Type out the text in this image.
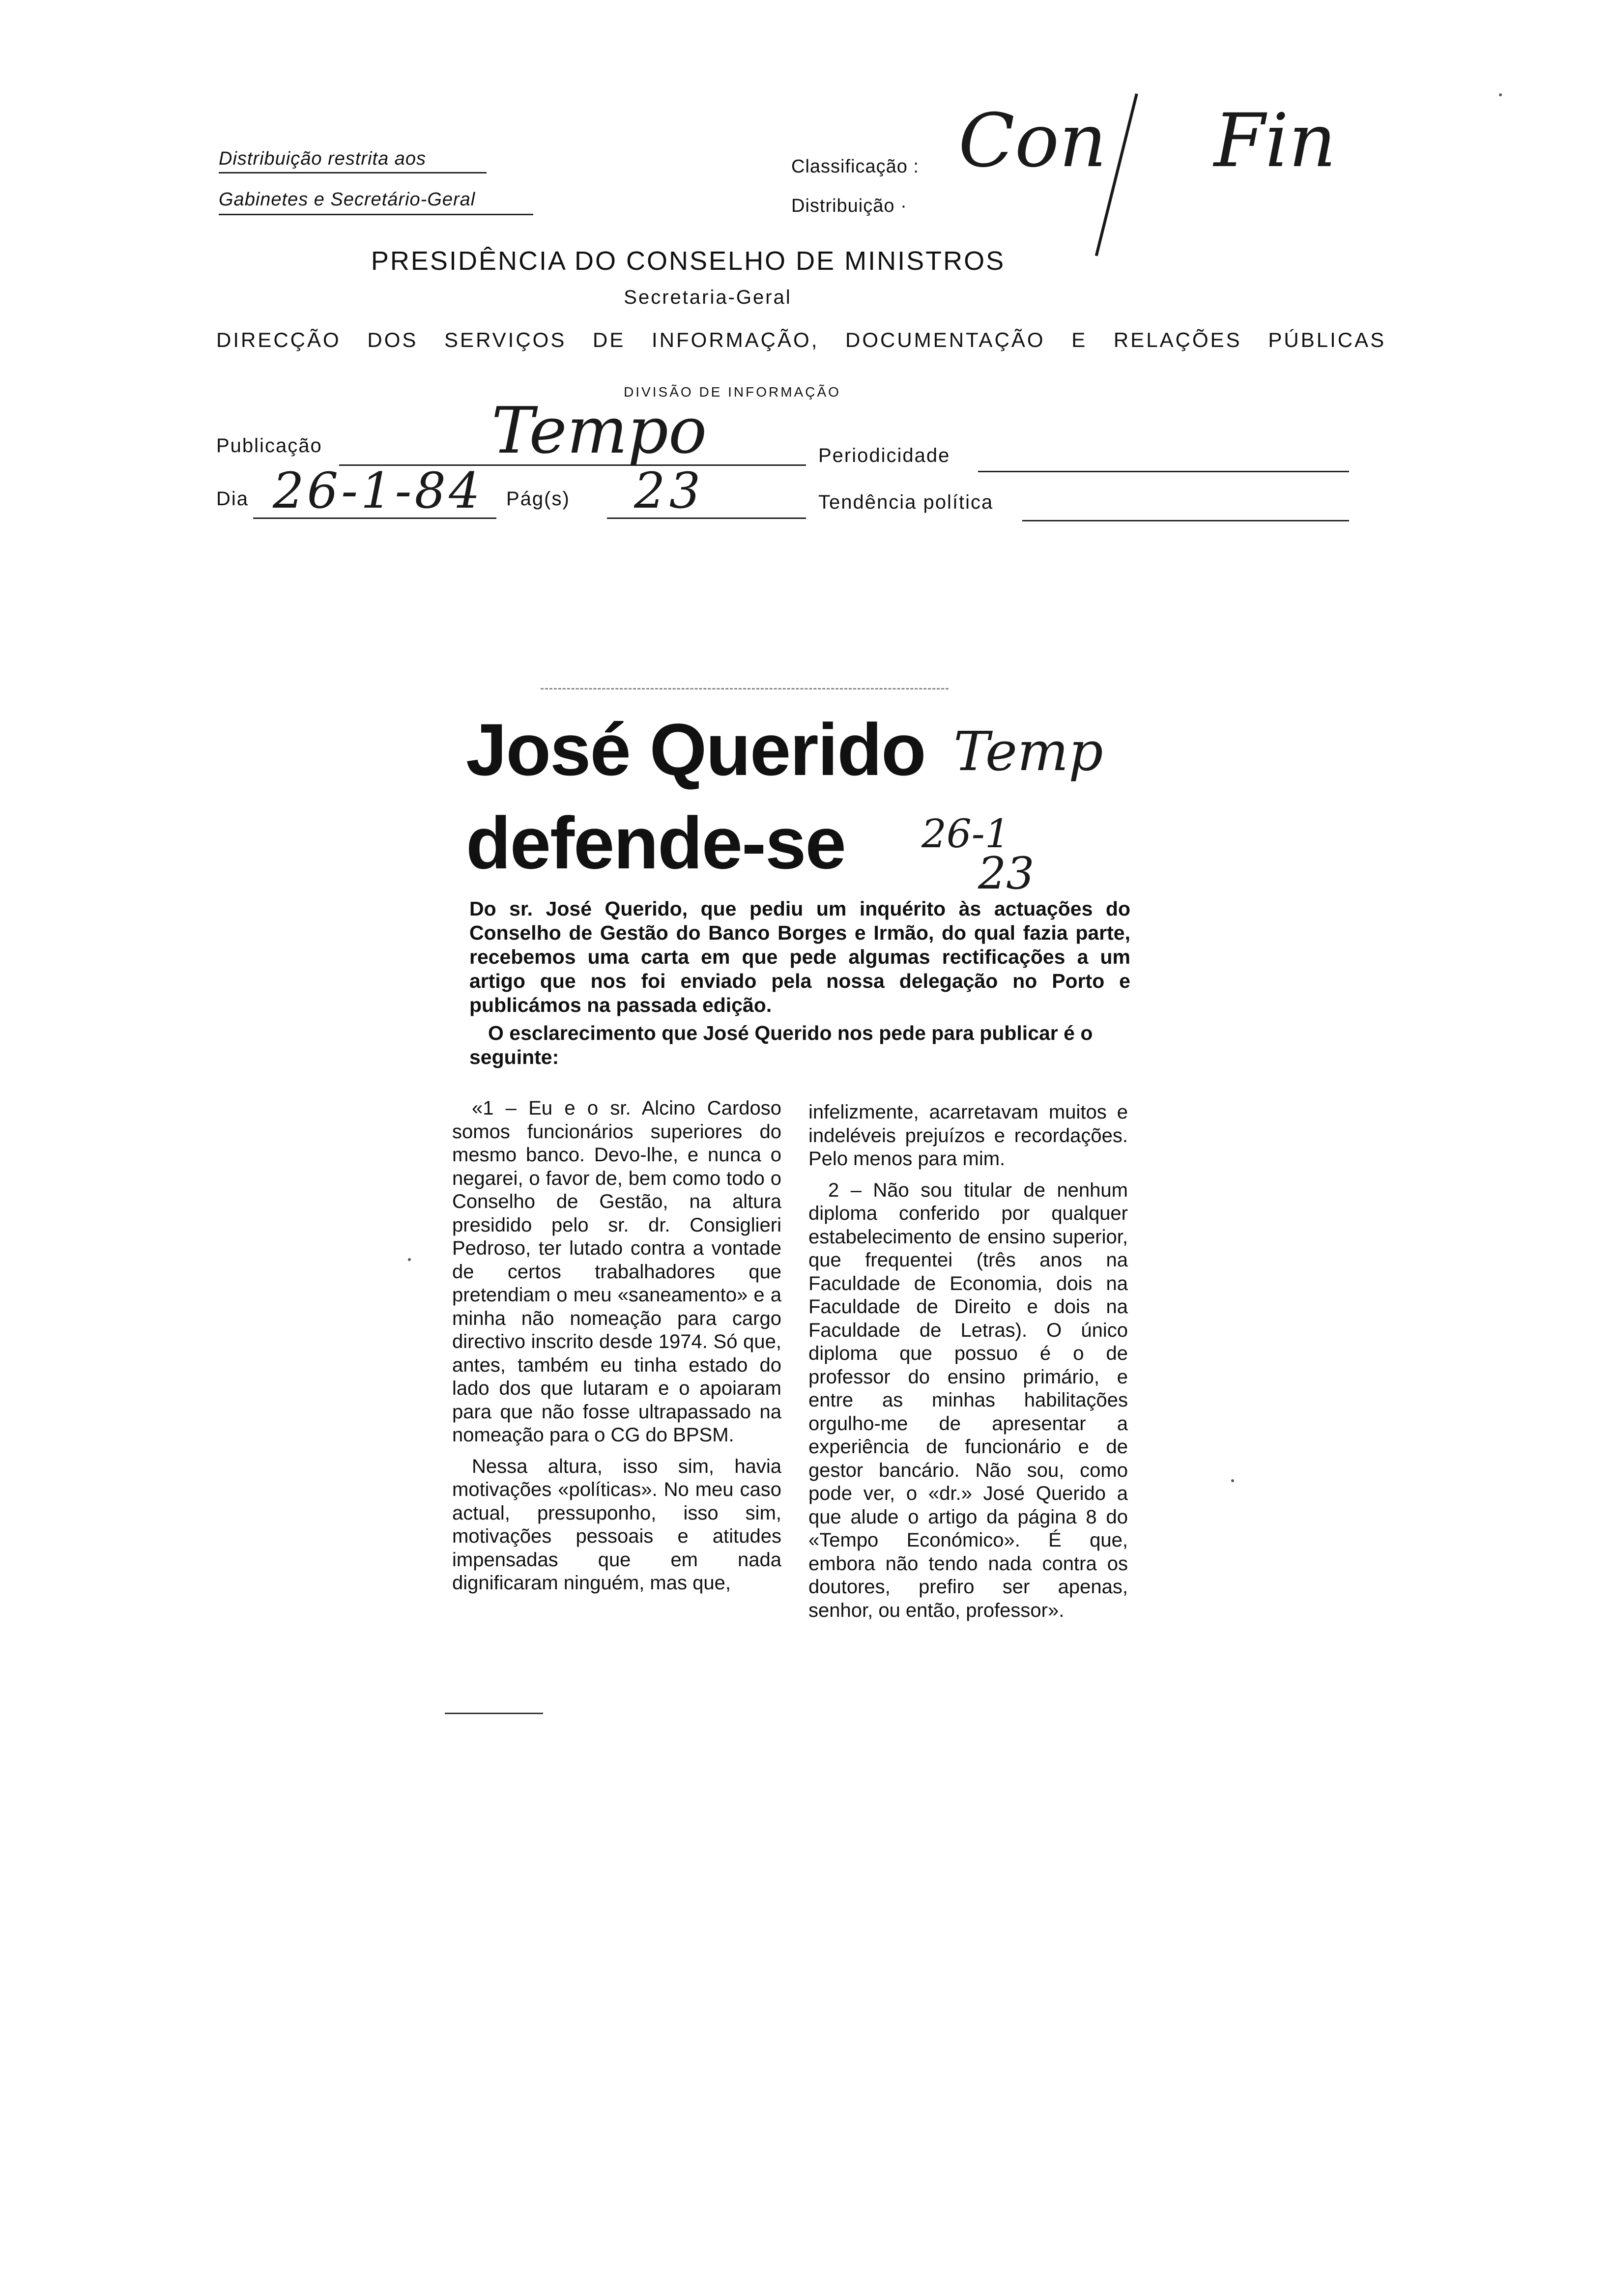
Distribuição restrita aos
Gabinetes e Secretário-Geral
Classificação :
Distribuição ·
Con Fin
PRESIDÊNCIA DO CONSELHO DE MINISTROS
Secretaria-Geral
DIRECÇÃO DOS SERVIÇOS DE INFORMAÇÃO, DOCUMENTAÇÃO E RELAÇÕES PÚBLICAS
DIVISÃO DE INFORMAÇÃO
Publicação	Tempo	Periodicidade
Dia 26-1-84 Pág(s) 23	Tendência política
José Querido
defende-se
Temp
26-1
23
Do sr. José Querido, que pediu um inquérito às actuações do Conselho de Gestão do Banco Borges e Irmão, do qual fazia parte, recebemos uma carta em que pede algumas rectificações a um artigo que nos foi enviado pela nossa delegação no Porto e publicámos na passada edição.
O esclarecimento que José Querido nos pede para publicar é o seguinte:

«1 – Eu e o sr. Alcino Cardoso somos funcionários superiores do mesmo banco. Devo-lhe, e nunca o negarei, o favor de, bem como todo o Conselho de Gestão, na altura presidido pelo sr. dr. Consiglieri Pedroso, ter lutado contra a vontade de certos trabalhadores que pretendiam o meu «saneamento» e a minha não nomeação para cargo directivo inscrito desde 1974. Só que, antes, também eu tinha estado do lado dos que lutaram e o apoiaram para que não fosse ultrapassado na nomeação para o CG do BPSM.

Nessa altura, isso sim, havia motivações «políticas». No meu caso actual, pressuponho, isso sim, motivações pessoais e atitudes impensadas que em nada dignificaram ninguém, mas que,

infelizmente, acarretavam muitos e indeléveis prejuízos e recordações. Pelo menos para mim.

2 – Não sou titular de nenhum diploma conferido por qualquer estabelecimento de ensino superior, que frequentei (três anos na Faculdade de Economia, dois na Faculdade de Direito e dois na Faculdade de Letras). O único diploma que possuo é o de professor do ensino primário, e entre as minhas habilitações orgulho-me de apresentar a experiência de funcionário e de gestor bancário. Não sou, como pode ver, o «dr.» José Querido a que alude o artigo da página 8 do «Tempo Económico». É que, embora não tendo nada contra os doutores, prefiro ser apenas, senhor, ou então, professor».
